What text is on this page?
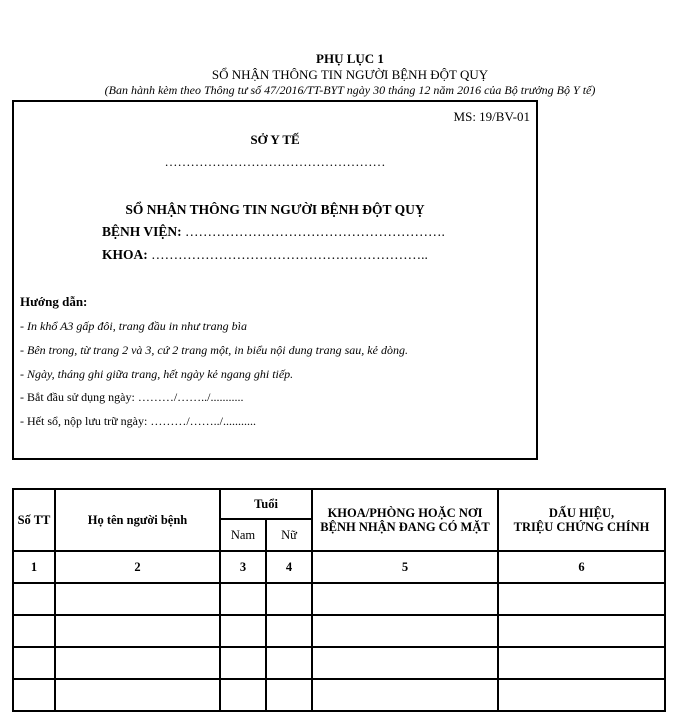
PHỤ LỤC 1
SỔ NHẬN THÔNG TIN NGƯỜI BỆNH ĐỘT QUỴ
(Ban hành kèm theo Thông tư số 47/2016/TT-BYT ngày 30 tháng 12 năm 2016 của Bộ trưởng Bộ Y tế)
MS: 19/BV-01
SỞ Y TẾ
……………………………………………
SỔ NHẬN THÔNG TIN NGƯỜI BỆNH ĐỘT QUỴ
BỆNH VIỆN: ………………………………………………….
KHOA: ……………………………………………………..
Hướng dẫn:
- In khổ A3 gấp đôi, trang đầu in như trang bìa
- Bên trong, từ trang 2 và 3, cứ 2 trang một, in biểu nội dung trang sau, kẻ dòng.
- Ngày, tháng ghi giữa trang, hết ngày kẻ ngang ghi tiếp.
- Bắt đầu sử dụng ngày: ………/……../...........
- Hết sổ, nộp lưu trữ ngày: ………/……../...........
Số TT	Họ tên người bệnh	Tuổi		KHOA/PHÒNG HOẶC NƠI BỆNH NHẬN ĐANG CÓ MẶT	DẤU HIỆU,
TRIỆU CHỨNG CHÍNH
		Nam	Nữ		
1	2	3	4	5	6
